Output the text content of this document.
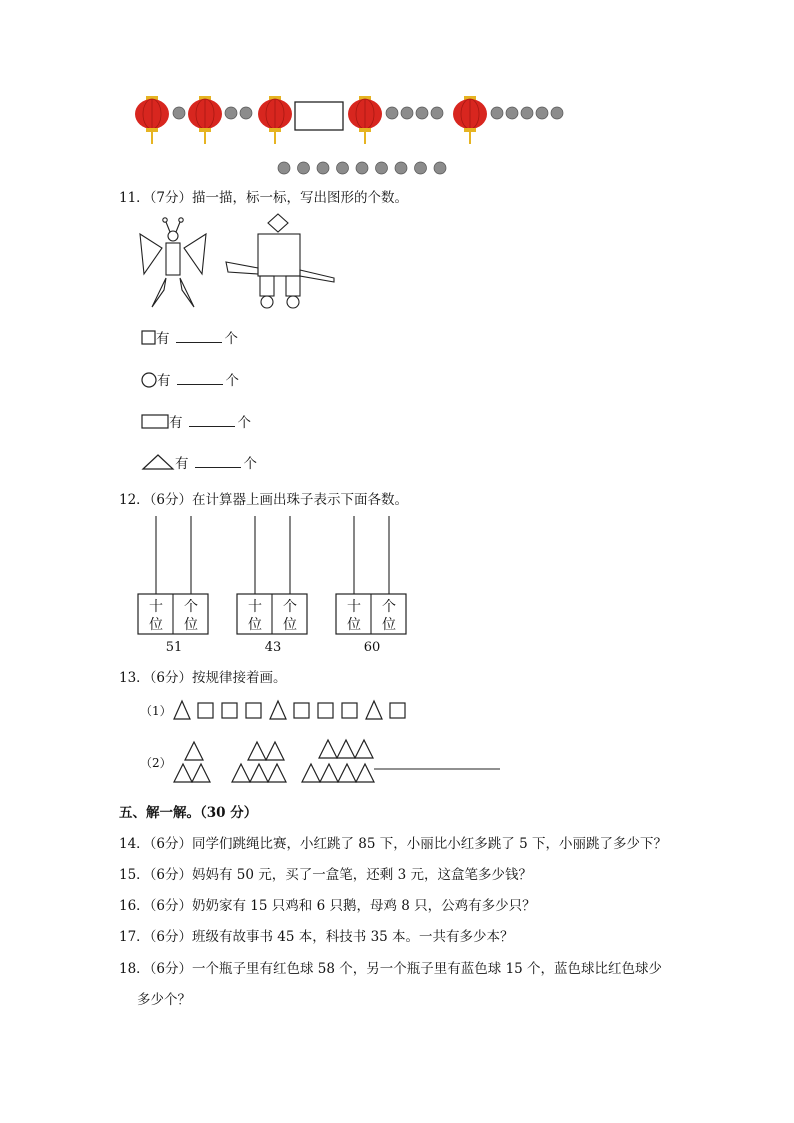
11．（7分）描一描，标一标，写出图形的个数。
有	个
有	个
有	个
有	个
12．（6分）在计算器上画出珠子表示下面各数。
十
位
个
位
十
位
个
位
十
位
个
位
51	43	60
13．（6分）按规律接着画。
（1）
（2）
五、解一解。（30 分）
14．（6分）同学们跳绳比赛，小红跳了 85 下，小丽比小红多跳了 5 下，小丽跳了多少下？
15．（6分）妈妈有 50 元，买了一盒笔，还剩 3 元，这盒笔多少钱？
16．（6分）奶奶家有 15 只鸡和 6 只鹅，母鸡 8 只，公鸡有多少只？
17．（6分）班级有故事书 45 本，科技书 35 本。一共有多少本？
18．（6分）一个瓶子里有红色球 58 个，另一个瓶子里有蓝色球 15 个，蓝色球比红色球少
多少个？
